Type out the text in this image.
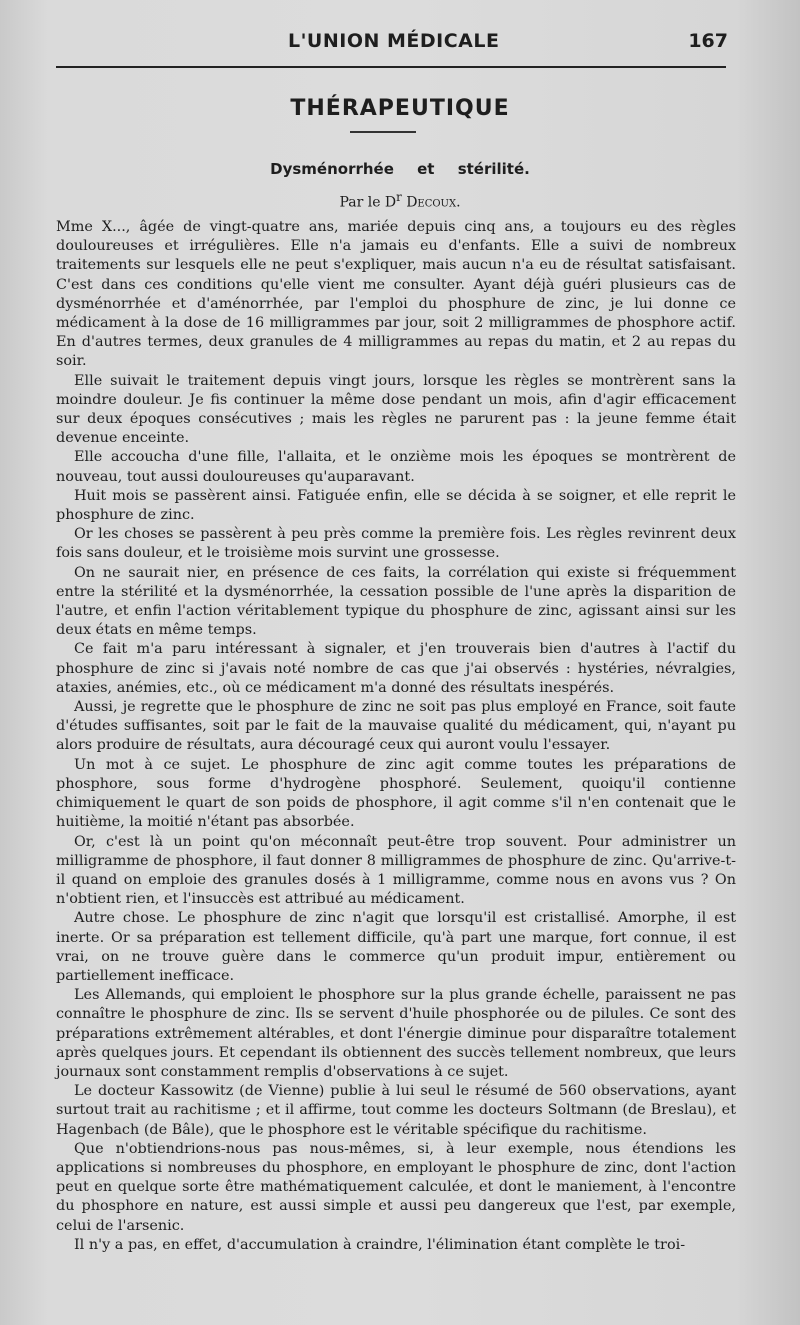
L'UNION MÉDICALE	167
THÉRAPEUTIQUE
Dysménorrhée et stérilité.
Par le $D^r$ Decoux.

Mme X..., âgée de vingt-quatre ans, mariée depuis cinq ans, a toujours eu des règles douloureuses et irrégulières. Elle n'a jamais eu d'enfants. Elle a suivi de nombreux traitements sur lesquels elle ne peut s'expliquer, mais aucun n'a eu de résultat satisfaisant. C'est dans ces conditions qu'elle vient me consulter. Ayant déjà guéri plusieurs cas de dysménorrhée et d'aménorrhée, par l'emploi du phosphure de zinc, je lui donne ce médicament à la dose de 16 milligrammes par jour, soit 2 milligrammes de phosphore actif. En d'autres termes, deux granules de 4 milligrammes au repas du matin, et 2 au repas du soir.

Elle suivait le traitement depuis vingt jours, lorsque les règles se montrèrent sans la moindre douleur. Je fis continuer la même dose pendant un mois, afin d'agir efficacement sur deux époques consécutives ; mais les règles ne parurent pas : la jeune femme était devenue enceinte.

Elle accoucha d'une fille, l'allaita, et le onzième mois les époques se montrèrent de nouveau, tout aussi douloureuses qu'auparavant.

Huit mois se passèrent ainsi. Fatiguée enfin, elle se décida à se soigner, et elle reprit le phosphure de zinc.

Or les choses se passèrent à peu près comme la première fois. Les règles revinrent deux fois sans douleur, et le troisième mois survint une grossesse.

On ne saurait nier, en présence de ces faits, la corrélation qui existe si fréquemment entre la stérilité et la dysménorrhée, la cessation possible de l'une après la disparition de l'autre, et enfin l'action véritablement typique du phosphure de zinc, agissant ainsi sur les deux états en même temps.

Ce fait m'a paru intéressant à signaler, et j'en trouverais bien d'autres à l'actif du phosphure de zinc si j'avais noté nombre de cas que j'ai observés : hystéries, névralgies, ataxies, anémies, etc., où ce médicament m'a donné des résultats inespérés.

Aussi, je regrette que le phosphure de zinc ne soit pas plus employé en France, soit faute d'études suffisantes, soit par le fait de la mauvaise qualité du médicament, qui, n'ayant pu alors produire de résultats, aura découragé ceux qui auront voulu l'essayer.

Un mot à ce sujet. Le phosphure de zinc agit comme toutes les préparations de phosphore, sous forme d'hydrogène phosphoré. Seulement, quoiqu'il contienne chimiquement le quart de son poids de phosphore, il agit comme s'il n'en contenait que le huitième, la moitié n'étant pas absorbée.

Or, c'est là un point qu'on méconnaît peut-être trop souvent. Pour administrer un milligramme de phosphore, il faut donner 8 milligrammes de phosphure de zinc. Qu'arrive-t-il quand on emploie des granules dosés à 1 milligramme, comme nous en avons vus ? On n'obtient rien, et l'insuccès est attribué au médicament.

Autre chose. Le phosphure de zinc n'agit que lorsqu'il est cristallisé. Amorphe, il est inerte. Or sa préparation est tellement difficile, qu'à part une marque, fort connue, il est vrai, on ne trouve guère dans le commerce qu'un produit impur, entièrement ou partiellement inefficace.

Les Allemands, qui emploient le phosphore sur la plus grande échelle, paraissent ne pas connaître le phosphure de zinc. Ils se servent d'huile phosphorée ou de pilules. Ce sont des préparations extrêmement altérables, et dont l'énergie diminue pour disparaître totalement après quelques jours. Et cependant ils obtiennent des succès tellement nombreux, que leurs journaux sont constamment remplis d'observations à ce sujet.

Le docteur Kassowitz (de Vienne) publie à lui seul le résumé de 560 observations, ayant surtout trait au rachitisme ; et il affirme, tout comme les docteurs Soltmann (de Breslau), et Hagenbach (de Bâle), que le phosphore est le véritable spécifique du rachitisme.

Que n'obtiendrions-nous pas nous-mêmes, si, à leur exemple, nous étendions les applications si nombreuses du phosphore, en employant le phosphure de zinc, dont l'action peut en quelque sorte être mathématiquement calculée, et dont le maniement, à l'encontre du phosphore en nature, est aussi simple et aussi peu dangereux que l'est, par exemple, celui de l'arsenic.

Il n'y a pas, en effet, d'accumulation à craindre, l'élimination étant complète le troi-
